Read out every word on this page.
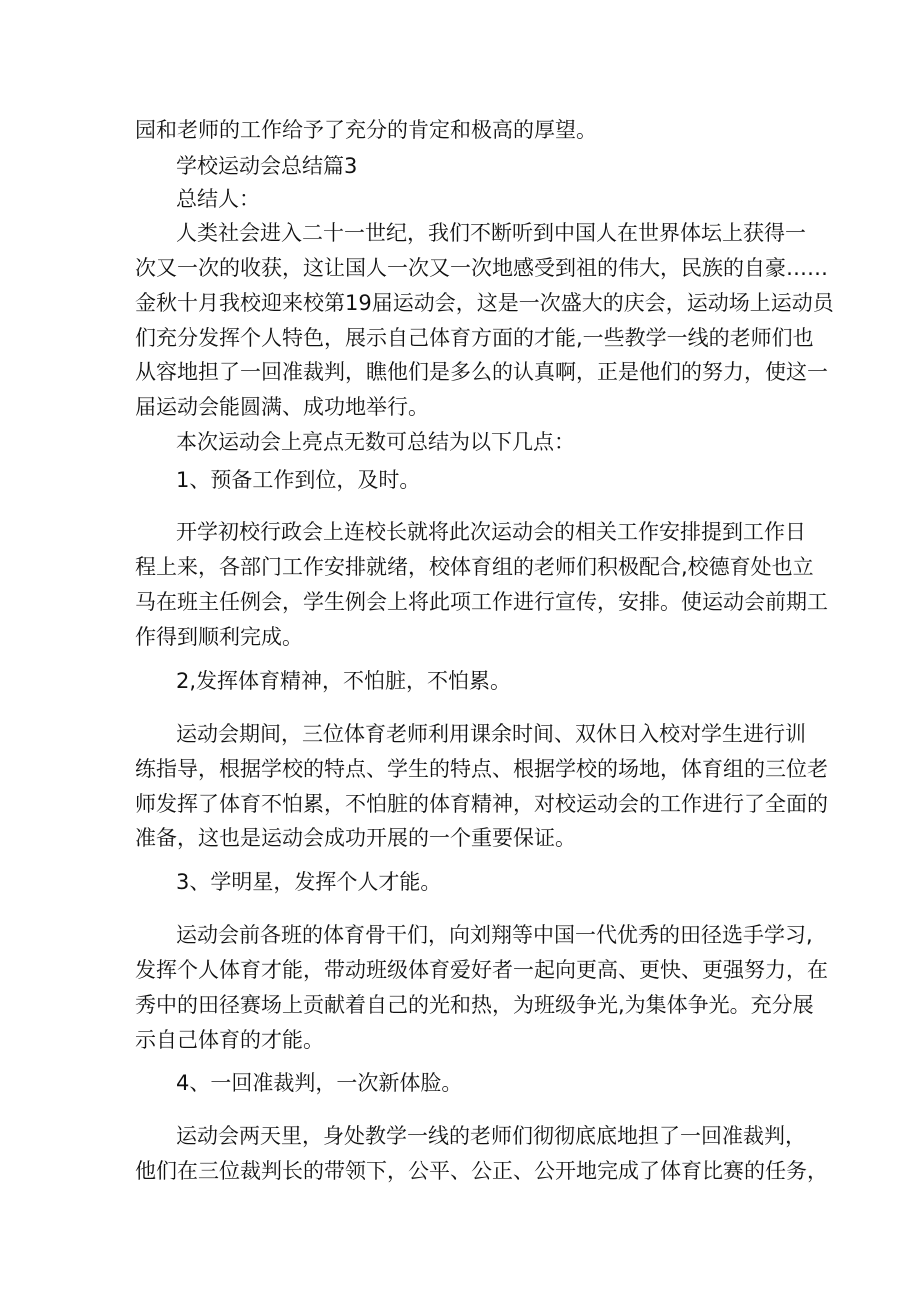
园和老师的工作给予了充分的肯定和极高的厚望。
学校运动会总结篇3
总结人：
人类社会进入二十一世纪，我们不断听到中国人在世界体坛上获得一
次又一次的收获，这让国人一次又一次地感受到祖的伟大，民族的自豪……
金秋十月我校迎来校第19届运动会，这是一次盛大的庆会，运动场上运动员
们充分发挥个人特色，展示自己体育方面的才能,一些教学一线的老师们也
从容地担了一回准裁判，瞧他们是多么的认真啊，正是他们的努力，使这一
届运动会能圆满、成功地举行。
本次运动会上亮点无数可总结为以下几点：
1、预备工作到位，及时。
开学初校行政会上连校长就将此次运动会的相关工作安排提到工作日
程上来，各部门工作安排就绪，校体育组的老师们积极配合,校德育处也立
马在班主任例会，学生例会上将此项工作进行宣传，安排。使运动会前期工
作得到顺利完成。
2,发挥体育精神，不怕脏，不怕累。
运动会期间，三位体育老师利用课余时间、双休日入校对学生进行训
练指导，根据学校的特点、学生的特点、根据学校的场地，体育组的三位老
师发挥了体育不怕累，不怕脏的体育精神，对校运动会的工作进行了全面的
准备，这也是运动会成功开展的一个重要保证。
3、学明星，发挥个人才能。
运动会前各班的体育骨干们，向刘翔等中国一代优秀的田径选手学习,
发挥个人体育才能，带动班级体育爱好者一起向更高、更快、更强努力，在
秀中的田径赛场上贡献着自己的光和热，为班级争光,为集体争光。充分展
示自己体育的才能。
4、一回准裁判，一次新体脸。
运动会两天里，身处教学一线的老师们彻彻底底地担了一回准裁判，
他们在三位裁判长的带领下，公平、公正、公开地完成了体育比赛的任务，
